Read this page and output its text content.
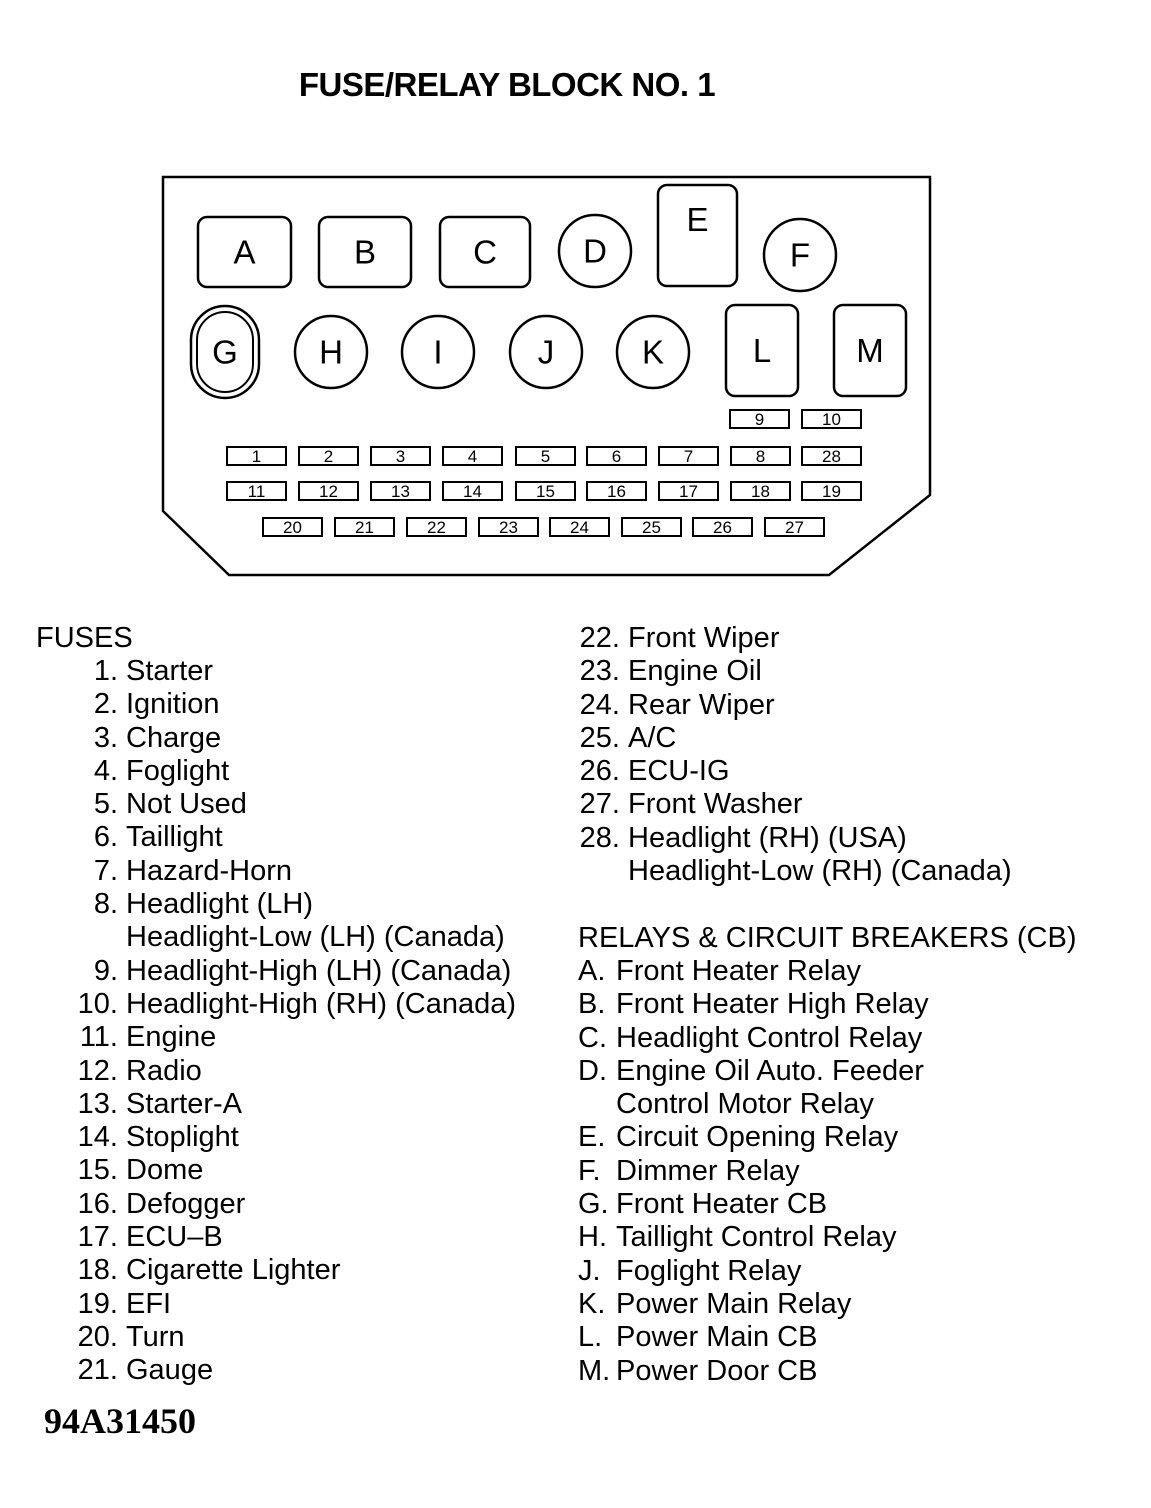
FUSE/RELAY BLOCK NO. 1
A	B	C	D
E
F
G H	I	J	K	L	M
9	10
1	2	3	4	5	6	7	8	28
11	12	13	14	15	16	17	18	19
20	21	22	23	24	25	26	27
FUSES
1. Starter
2. Ignition
3. Charge
4. Foglight
5. Not Used
6. Taillight
7. Hazard-Horn
8. Headlight (LH)
Headlight-Low (LH) (Canada)
9. Headlight-High (LH) (Canada)
10. Headlight-High (RH) (Canada)
11. Engine
12. Radio
13. Starter-A
14. Stoplight
15. Dome
16. Defogger
17. ECU–B
18. Cigarette Lighter
19. EFI
20. Turn
21. Gauge
22. Front Wiper
23. Engine Oil
24. Rear Wiper
25. A/C
26. ECU-IG
27. Front Washer
28. Headlight (RH) (USA)
Headlight-Low (RH) (Canada)
RELAYS & CIRCUIT BREAKERS (CB)
A. Front Heater Relay
B. Front Heater High Relay
C. Headlight Control Relay
D. Engine Oil Auto. Feeder
Control Motor Relay
E. Circuit Opening Relay
F. Dimmer Relay
G. Front Heater CB
H. Taillight Control Relay
J. Foglight Relay
K. Power Main Relay
L. Power Main CB
M. Power Door CB
94A31450
